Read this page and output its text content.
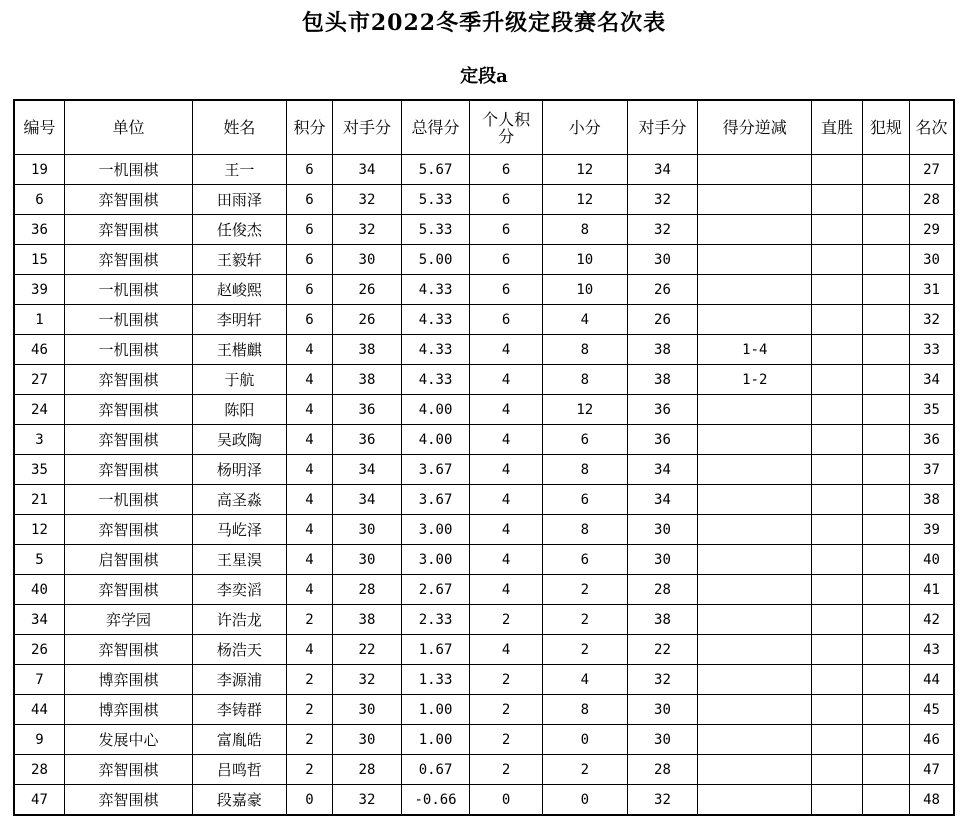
包头市2022冬季升级定段赛名次表
定段a
编号	单位	姓名	积分	对手分	总得分	个人积分	小分	对手分	得分逆减	直胜	犯规	名次
19	一机围棋	王一	6	34	5.67	6	12	34				27
6	弈智围棋	田雨泽	6	32	5.33	6	12	32				28
36	弈智围棋	任俊杰	6	32	5.33	6	8	32				29
15	弈智围棋	王毅轩	6	30	5.00	6	10	30				30
39	一机围棋	赵峻熙	6	26	4.33	6	10	26				31
1	一机围棋	李明轩	6	26	4.33	6	4	26				32
46	一机围棋	王楷麒	4	38	4.33	4	8	38	1-4			33
27	弈智围棋	于航	4	38	4.33	4	8	38	1-2			34
24	弈智围棋	陈阳	4	36	4.00	4	12	36				35
3	弈智围棋	吴政陶	4	36	4.00	4	6	36				36
35	弈智围棋	杨明泽	4	34	3.67	4	8	34				37
21	一机围棋	高圣淼	4	34	3.67	4	6	34				38
12	弈智围棋	马屹泽	4	30	3.00	4	8	30				39
5	启智围棋	王星淏	4	30	3.00	4	6	30				40
40	弈智围棋	李奕滔	4	28	2.67	4	2	28				41
34	弈学园	许浩龙	2	38	2.33	2	2	38				42
26	弈智围棋	杨浩天	4	22	1.67	4	2	22				43
7	博弈围棋	李源浦	2	32	1.33	2	4	32				44
44	博弈围棋	李铸群	2	30	1.00	2	8	30				45
9	发展中心	富胤皓	2	30	1.00	2	0	30				46
28	弈智围棋	吕鸣哲	2	28	0.67	2	2	28				47
47	弈智围棋	段嘉豪	0	32	-0.66	0	0	32				48
